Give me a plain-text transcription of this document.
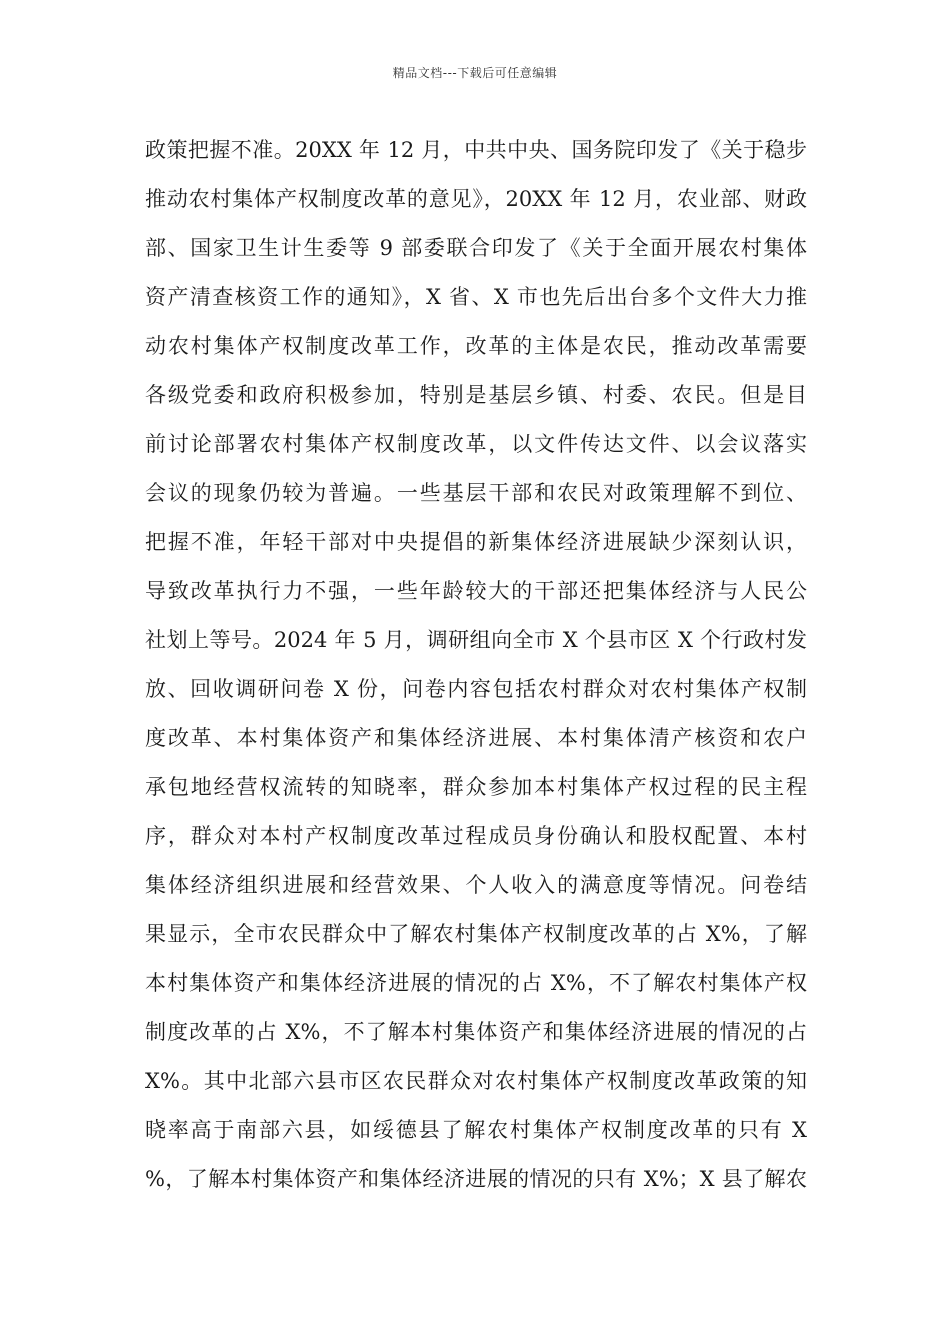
精品文档---下载后可任意编辑
政策把握不准。20XX 年 12 月，中共中央、国务院印发了《关于稳步
推动农村集体产权制度改革的意见》，20XX 年 12 月，农业部、财政
部、国家卫生计生委等 9 部委联合印发了《关于全面开展农村集体
资产清查核资工作的通知》，X 省、X 市也先后出台多个文件大力推
动农村集体产权制度改革工作，改革的主体是农民，推动改革需要
各级党委和政府积极参加，特别是基层乡镇、村委、农民。但是目
前讨论部署农村集体产权制度改革，以文件传达文件、以会议落实
会议的现象仍较为普遍。一些基层干部和农民对政策理解不到位、
把握不准，年轻干部对中央提倡的新集体经济进展缺少深刻认识，
导致改革执行力不强，一些年龄较大的干部还把集体经济与人民公
社划上等号。2024 年 5 月，调研组向全市 X 个县市区 X 个行政村发
放、回收调研问卷 X 份，问卷内容包括农村群众对农村集体产权制
度改革、本村集体资产和集体经济进展、本村集体清产核资和农户
承包地经营权流转的知晓率，群众参加本村集体产权过程的民主程
序，群众对本村产权制度改革过程成员身份确认和股权配置、本村
集体经济组织进展和经营效果、个人收入的满意度等情况。问卷结
果显示，全市农民群众中了解农村集体产权制度改革的占 X%，了解
本村集体资产和集体经济进展的情况的占 X%，不了解农村集体产权
制度改革的占 X%，不了解本村集体资产和集体经济进展的情况的占
X%。其中北部六县市区农民群众对农村集体产权制度改革政策的知
晓率高于南部六县，如绥德县了解农村集体产权制度改革的只有 X
%，了解本村集体资产和集体经济进展的情况的只有 X%；X 县了解农
